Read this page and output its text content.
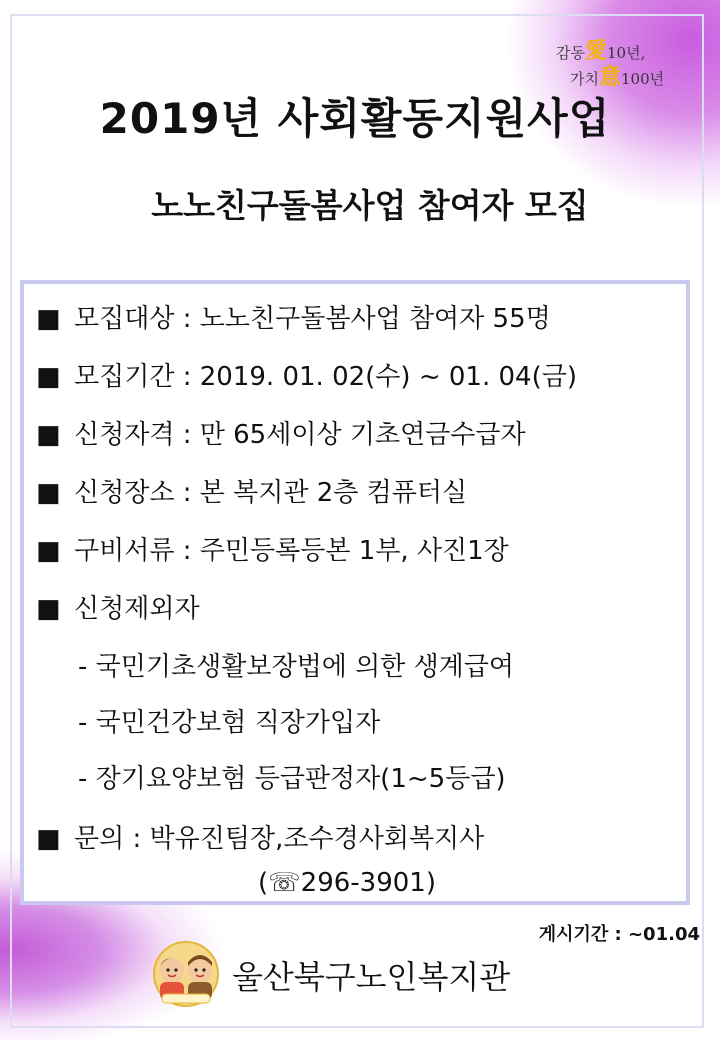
감동愛10년,
가치意100년
2019년 사회활동지원사업
노노친구돌봄사업 참여자 모집
■ 모집대상 : 노노친구돌봄사업 참여자 55명
■ 모집기간 : 2019. 01. 02(수) ~ 01. 04(금)
■ 신청자격 : 만 65세이상 기초연금수급자
■ 신청장소 : 본 복지관 2층 컴퓨터실
■ 구비서류 : 주민등록등본 1부, 사진1장
■ 신청제외자
- 국민기초생활보장법에 의한 생계급여
- 국민건강보험 직장가입자
- 장기요양보험 등급판정자(1~5등급)
■ 문의 : 박유진팀장,조수경사회복지사
(☏296-3901)
게시기간 : ~01.04
울산북구노인복지관
